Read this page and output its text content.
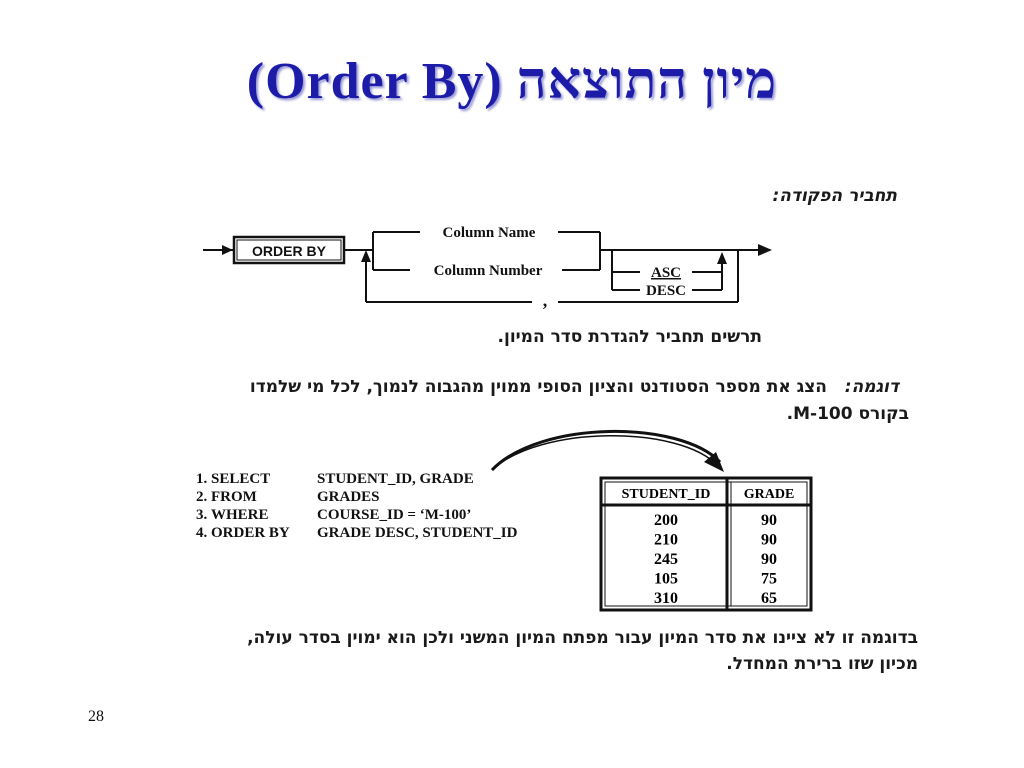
(Order By) מיון התוצאה
תחביר הפקודה:
ORDER BY
Column Name
Column Number	ASC
DESC
,
תרשים תחביר להגדרת סדר המיון.
דוגמה:
הצג את מספר הסטודנט והציון הסופי ממוין מהגבוה לנמוך, לכל מי שלמדו
בקורס M-100.
1. SELECT	STUDENT_ID, GRADE
2. FROM	GRADES
3. WHERE	COURSE_ID = ‘M-100’
4. ORDER BY GRADE DESC, STUDENT_ID
STUDENT_ID GRADE
200	90
210	90
245	90
105	75
310	65
בדוגמה זו לא ציינו את סדר המיון עבור מפתח המיון המשני ולכן הוא ימוין בסדר עולה,
מכיון שזו ברירת המחדל.
28
